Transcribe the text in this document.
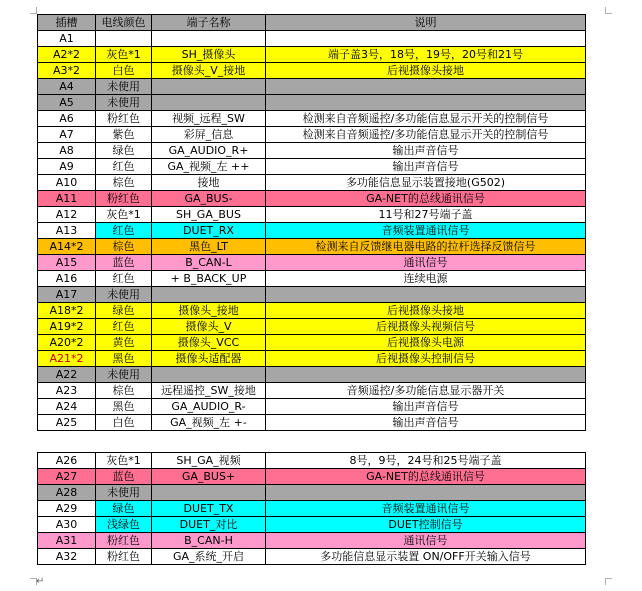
插槽	电线颜色	端子名称	说明
A1			
A2*2	灰色*1	SH_摄像头	端子盖3号，18号，19号，20号和21号
A3*2	白色	摄像头_V_接地	后视摄像头接地
A4	未使用		
A5	未使用		
A6	粉红色	视频_远程_SW	检测来自音频遥控/多功能信息显示开关的控制信号
A7	紫色	彩屏_信息	检测来自音频遥控/多功能信息显示开关的控制信号
A8	绿色	GA_AUDIO_R+	输出声音信号
A9	红色	GA_视频_左 ++	输出声音信号
A10	棕色	接地	多功能信息显示装置接地(G502)
A11	粉红色	GA_BUS-	GA-NET的总线通讯信号
A12	灰色*1	SH_GA_BUS	11号和27号端子盖
A13	红色	DUET_RX	音频装置通讯信号
A14*2	棕色	黑色_LT	检测来自反馈继电器电路的拉杆选择反馈信号
A15	蓝色	B_CAN-L	通讯信号
A16	红色	+ B_BACK_UP	连续电源
A17	未使用		
A18*2	绿色	摄像头_接地	后视摄像头接地
A19*2	红色	摄像头_V	后视摄像头视频信号
A20*2	黄色	摄像头_VCC	后视摄像头电源
A21*2	黑色	摄像头适配器	后视摄像头控制信号
A22	未使用		
A23	棕色	远程遥控_SW_接地	音频遥控/多功能信息显示器开关
A24	黑色	GA_AUDIO_R-	输出声音信号
A25	白色	GA_视频_左 +-	输出声音信号
A26	灰色*1	SH_GA_视频	8号，9号，24号和25号端子盖
A27	蓝色	GA_BUS+	GA-NET的总线通讯信号
A28	未使用		
A29	绿色	DUET_TX	音频装置通讯信号
A30	浅绿色	DUET_对比	DUET控制信号
A31	粉红色	B_CAN-H	通讯信号
A32	粉红色	GA_系统_开启	多功能信息显示装置 ON/OFF开关输入信号
↵
